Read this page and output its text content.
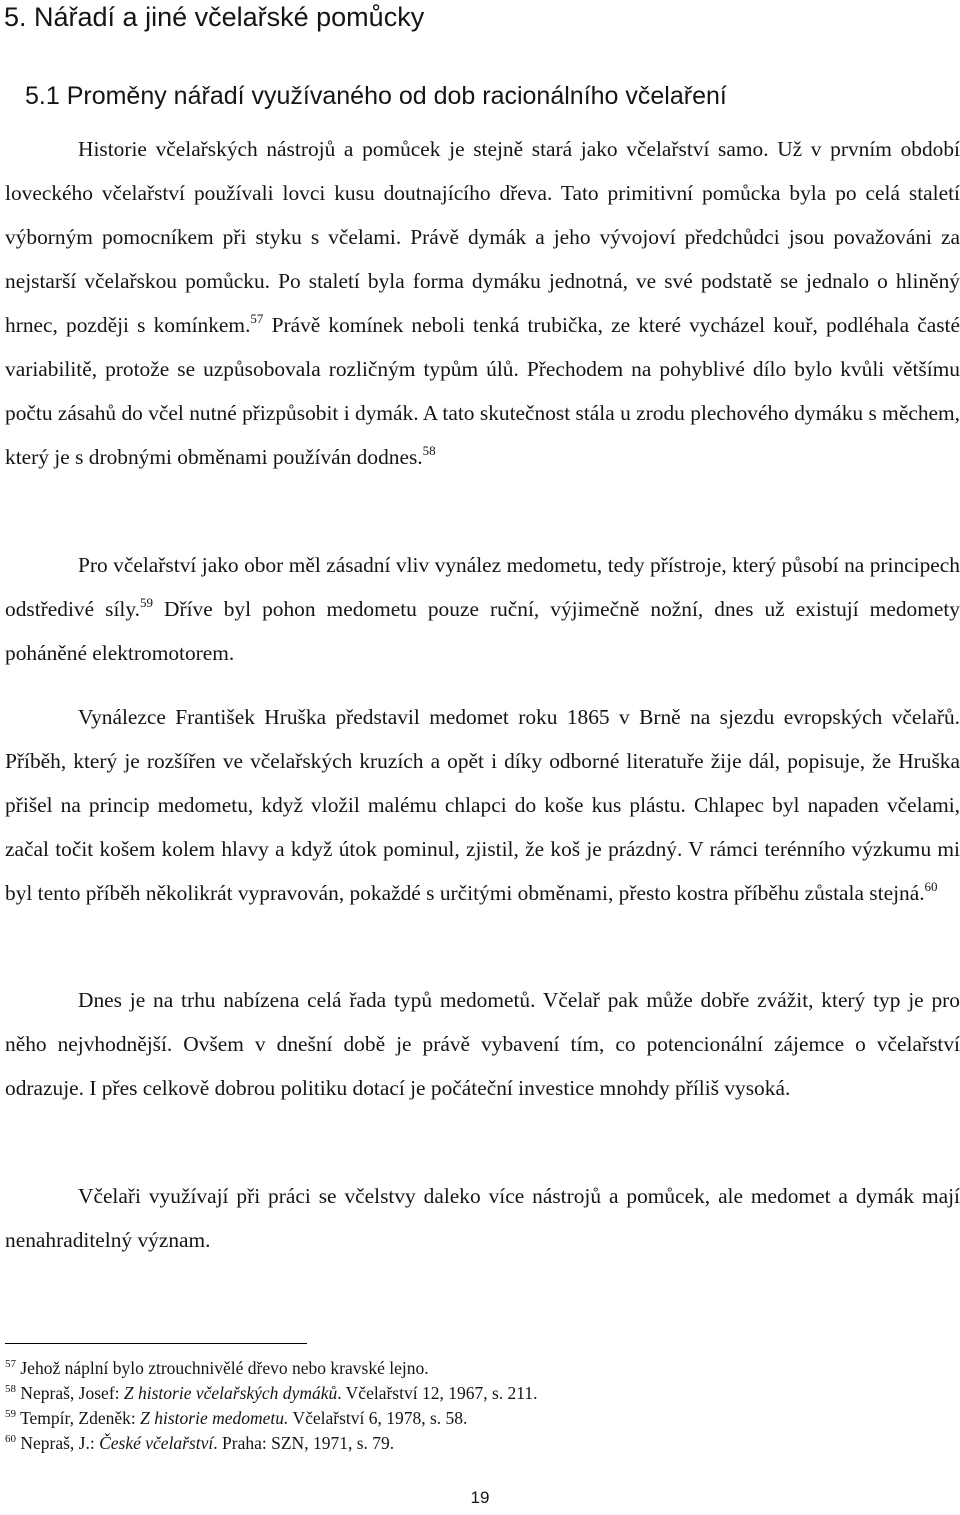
5. Nářadí a jiné včelařské pomůcky
5.1 Proměny nářadí využívaného od dob racionálního včelaření

Historie včelařských nástrojů a pomůcek je stejně stará jako včelařství samo. Už v prvním období loveckého včelařství používali lovci kusu doutnajícího dřeva. Tato primitivní pomůcka byla po celá staletí výborným pomocníkem při styku s včelami. Právě dymák a jeho vývojoví předchůdci jsou považováni za nejstarší včelařskou pomůcku. Po staletí byla forma dymáku jednotná, ve své podstatě se jednalo o hliněný hrnec, později s komínkem.$^{57}$ Právě komínek neboli tenká trubička, ze které vycházel kouř, podléhala časté variabilitě, protože se uzpůsobovala rozličným typům úlů. Přechodem na pohyblivé dílo bylo kvůli většímu počtu zásahů do včel nutné přizpůsobit i dymák. A tato skutečnost stála u zrodu plechového dymáku s měchem, který je s drobnými obměnami používán dodnes.$^{58}$

Pro včelařství jako obor měl zásadní vliv vynález medometu, tedy přístroje, který působí na principech odstředivé síly.$^{59}$ Dříve byl pohon medometu pouze ruční, výjimečně nožní, dnes už existují medomety poháněné elektromotorem.

Vynálezce František Hruška představil medomet roku 1865 v Brně na sjezdu evropských včelařů. Příběh, který je rozšířen ve včelařských kruzích a opět i díky odborné literatuře žije dál, popisuje, že Hruška přišel na princip medometu, když vložil malému chlapci do koše kus plástu. Chlapec byl napaden včelami, začal točit košem kolem hlavy a když útok pominul, zjistil, že koš je prázdný. V rámci terénního výzkumu mi byl tento příběh několikrát vypravován, pokaždé s určitými obměnami, přesto kostra příběhu zůstala stejná.$^{60}$

Dnes je na trhu nabízena celá řada typů medometů. Včelař pak může dobře zvážit, který typ je pro něho nejvhodnější. Ovšem v dnešní době je právě vybavení tím, co potencionální zájemce o včelařství odrazuje. I přes celkově dobrou politiku dotací je počáteční investice mnohdy příliš vysoká.

Včelaři využívají při práci se včelstvy daleko více nástrojů a pomůcek, ale medomet a dymák mají nenahraditelný význam.

$^{57}$ Jehož náplní bylo ztrouchnivělé dřevo nebo kravské lejno.

$^{58}$ Nepraš, Josef: Z historie včelařských dymáků. Včelařství 12, 1967, s. 211.

$^{59}$ Tempír, Zdeněk: Z historie medometu. Včelařství 6, 1978, s. 58.

$^{60}$ Nepraš, J.: České včelařství. Praha: SZN, 1971, s. 79.

19
